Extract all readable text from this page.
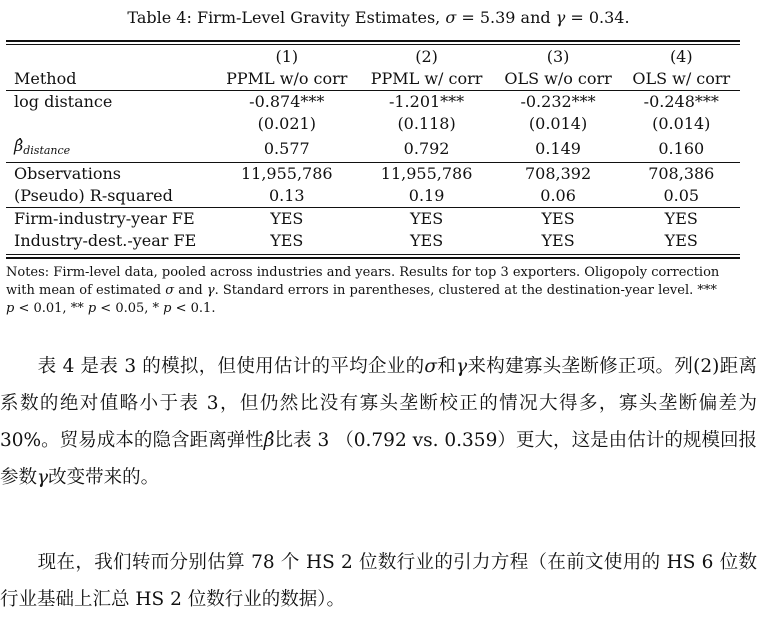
Table 4: Firm-Level Gravity Estimates, σ = 5.39 and γ = 0.34.
	(1)	(2)	(3)	(4)
Method	PPML w/o corr	PPML w/ corr	OLS w/o corr	OLS w/ corr
log distance	-0.874***	-1.201***	-0.232***	-0.248***
	(0.021)	(0.118)	(0.014)	(0.014)
$\betâ_{distance}$	0.577	0.792	0.149	0.160
Observations	11,955,786	11,955,786	708,392	708,386
(Pseudo) R-squared	0.13	0.19	0.06	0.05
Firm-industry-year FE	YES	YES	YES	YES
Industry-dest.-year FE	YES	YES	YES	YES
Notes: Firm-level data, pooled across industries and years. Results for top 3 exporters. Oligopoly correction
with mean of estimated σ and γ. Standard errors in parentheses, clustered at the destination-year level. ***
p < 0.01, ** p < 0.05, * p < 0.1.

　　表 4 是表 3 的模拟，但使用估计的平均企业的σ和γ来构建寡头垄断修正项。列(2)距离系数的绝对值略小于表 3，但仍然比没有寡头垄断校正的情况大得多，寡头垄断偏差为 30%。贸易成本的隐含距离弹性β̂比表 3 （0.792 vs. 0.359）更大，这是由估计的规模回报参数γ改变带来的。

　　现在，我们转而分别估算 78 个 HS 2 位数行业的引力方程（在前文使用的 HS 6 位数行业基础上汇总 HS 2 位数行业的数据）。
